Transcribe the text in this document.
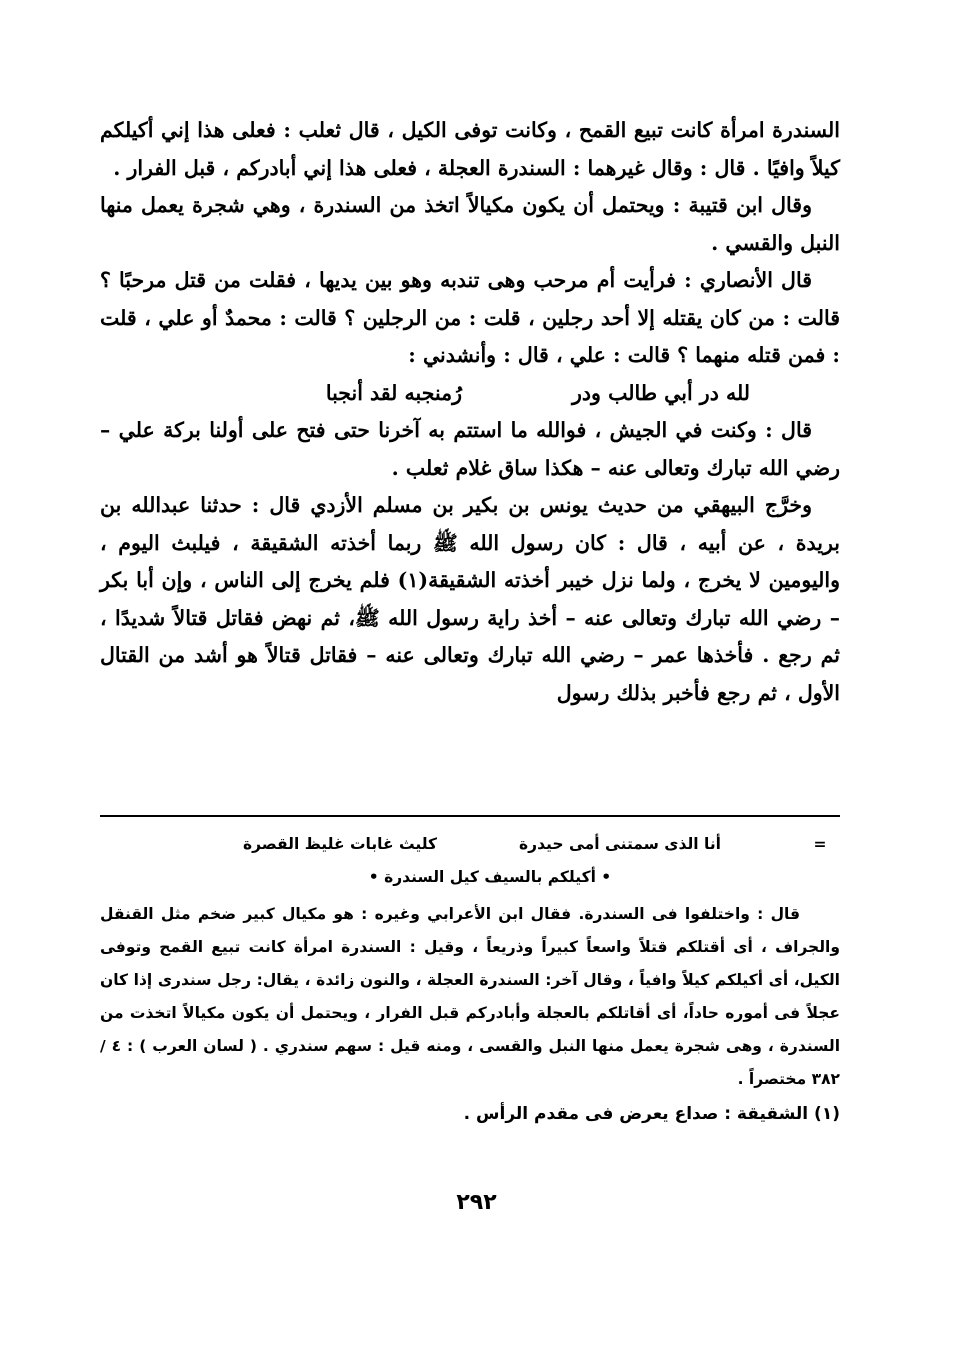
السندرة امرأة كانت تبيع القمح ، وكانت توفى الكيل ، قال ثعلب : فعلى هذا إني أكيلكم كيلاً وافيًا . قال : وقال غيرهما : السندرة العجلة ، فعلى هذا إني أبادركم ، قبل الفرار .

وقال ابن قتيبة : ويحتمل أن يكون مكيالاً اتخذ من السندرة ، وهي شجرة يعمل منها النبل والقسي .

قال الأنصاري : فرأيت أم مرحب وهى تندبه وهو بين يديها ، فقلت من قتل مرحبًا ؟ قالت : من كان يقتله إلا أحد رجلين ، قلت : من الرجلين ؟ قالت : محمدٌ أو علي ، قلت : فمن قتله منهما ؟ قالت : علي ، قال : وأنشدني :

لله در أبي طالب ودر
رُمنجبه لقد أنجبا

قال : وكنت في الجيش ، فوالله ما استتم به آخرنا حتى فتح على أولنا بركة علي – رضي الله تبارك وتعالى عنه – هكذا ساق غلام ثعلب .

وخرَّج البيهقي من حديث يونس بن بكير بن مسلم الأزدي قال : حدثنا عبدالله بن بريدة ، عن أبيه ، قال : كان رسول الله ﷺ ربما أخذته الشقيقة ، فيلبث اليوم ، واليومين لا يخرج ، ولما نزل خيبر أخذته الشقيقة(١) فلم يخرج إلى الناس ، وإن أبا بكر – رضي الله تبارك وتعالى عنه – أخذ راية رسول الله ﷺ، ثم نهض فقاتل قتالاً شديدًا ، ثم رجع . فأخذها عمر – رضي الله تبارك وتعالى عنه – فقاتل قتالاً هو أشد من القتال الأول ، ثم رجع فأخبر بذلك رسول

=
أنا الذى سمتنى أمى حيدرة
كليث غابات غليظ القصرة
• أكيلكم بالسيف كيل السندرة •

قال : واختلفوا فى السندرة. فقال ابن الأعرابي وغيره : هو مكيال كبير ضخم مثل القنقل والجراف ، أى أقتلكم قتلاً واسعاً كبيراً وذريعاً ، وقيل : السندرة امرأة كانت تبيع القمح وتوفى الكيل، أى أكيلكم كيلاً وافياً ، وقال آخر: السندرة العجلة ، والنون زائدة ، يقال: رجل سندرى إذا كان عجلاً فى أموره حاداً، أى أقاتلكم بالعجلة وأبادركم قبل الفرار ، ويحتمل أن يكون مكيالاً اتخذت من السندرة ، وهى شجرة يعمل منها النبل والقسى ، ومنه قيل : سهم سندري . ( لسان العرب ) : ٤ /٣٨٢ مختصراً .

(١) الشقيقة : صداع يعرض فى مقدم الرأس .
٢٩٢
